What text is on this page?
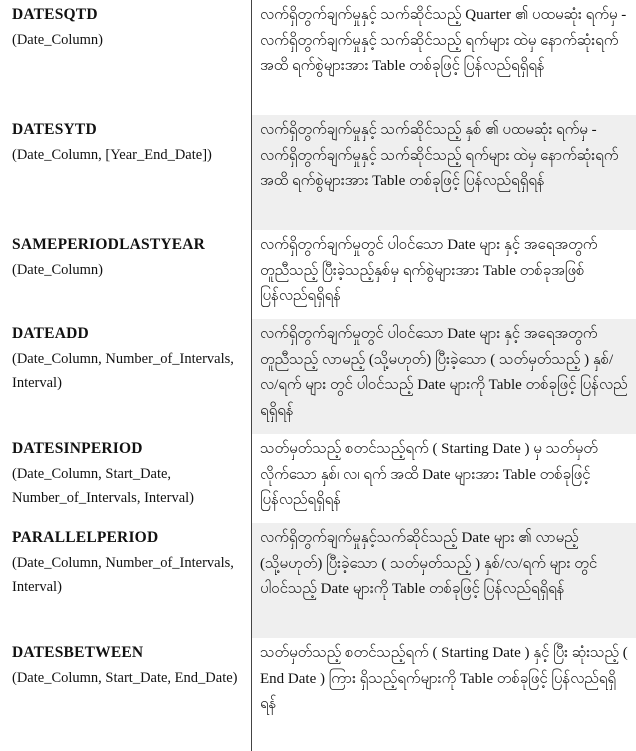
DATESQTD
(Date_Column)
လက်ရှိတွက်ချက်မှုနှင့် သက်ဆိုင်သည့် Quarter ၏ ပထမဆုံး ရက်မှ - လက်ရှိတွက်ချက်မှုနှင့် သက်ဆိုင်သည့် ရက်များ ထဲမှ နောက်ဆုံးရက်အထိ ရက်စွဲများအား Table တစ်ခုဖြင့် ပြန်လည်ရရှိရန်
DATESYTD
(Date_Column, [Year_End_Date])
လက်ရှိတွက်ချက်မှုနှင့် သက်ဆိုင်သည့် နှစ် ၏ ပထမဆုံး ရက်မှ - လက်ရှိတွက်ချက်မှုနှင့် သက်ဆိုင်သည့် ရက်များ ထဲမှ နောက်ဆုံးရက်အထိ ရက်စွဲများအား Table တစ်ခုဖြင့် ပြန်လည်ရရှိရန်
SAMEPERIODLASTYEAR
(Date_Column)
လက်ရှိတွက်ချက်မှုတွင် ပါဝင်သော Date များ နှင့် အရေအတွက် တူညီသည့် ပြီးခဲ့သည့်နှစ်မှ ရက်စွဲများအား Table တစ်ခုအဖြစ် ပြန်လည်ရရှိရန်
DATEADD
(Date_Column, Number_of_Intervals, Interval)
လက်ရှိတွက်ချက်မှုတွင် ပါဝင်သော Date များ နှင့် အရေအတွက် တူညီသည့် လာမည့် (သို့မဟုတ်) ပြီးခဲ့သော ( သတ်မှတ်သည့် ) နှစ်/လ/ရက် များ တွင် ပါဝင်သည့် Date များကို Table တစ်ခုဖြင့် ပြန်လည်ရရှိရန်
DATESINPERIOD
(Date_Column, Start_Date, Number_of_Intervals, Interval)
သတ်မှတ်သည့် စတင်သည့်ရက် ( Starting Date ) မှ သတ်မှတ် လိုက်သော နှစ်၊ လ၊ ရက် အထိ Date များအား Table တစ်ခုဖြင့် ပြန်လည်ရရှိရန်
PARALLELPERIOD
(Date_Column, Number_of_Intervals, Interval)
လက်ရှိတွက်ချက်မှုနှင့်သက်ဆိုင်သည့် Date များ ၏ လာမည့် (သို့မဟုတ်) ပြီးခဲ့သော ( သတ်မှတ်သည့် ) နှစ်/လ/ရက် များ တွင် ပါဝင်သည့် Date များကို Table တစ်ခုဖြင့် ပြန်လည်ရရှိရန်
DATESBETWEEN
(Date_Column, Start_Date, End_Date)
သတ်မှတ်သည့် စတင်သည့်ရက် ( Starting Date ) နှင့် ပြီး ဆုံးသည့် ( End Date ) ကြား ရှိသည့်ရက်များကို Table တစ်ခုဖြင့် ပြန်လည်ရရှိရန်
